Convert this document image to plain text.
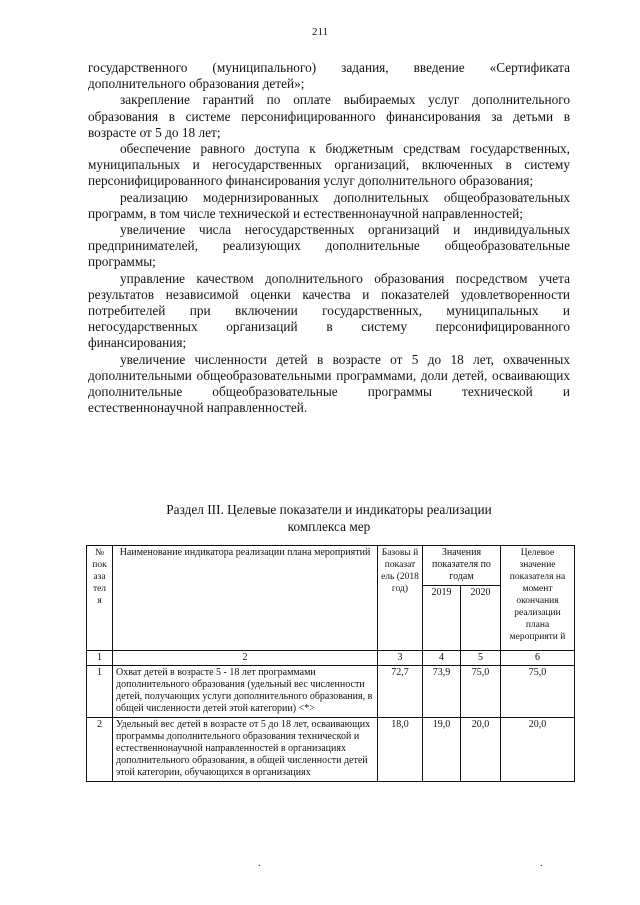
211

государственного (муниципального) задания, введение «Сертификата дополнительного образования детей»;

закрепление гарантий по оплате выбираемых услуг дополнительного образования в системе персонифицированного финансирования за детьми в возрасте от 5 до 18 лет;

обеспечение равного доступа к бюджетным средствам государственных, муниципальных и негосударственных организаций, включенных в систему персонифицированного финансирования услуг дополнительного образования;

реализацию модернизированных дополнительных общеобразовательных программ, в том числе технической и естественнонаучной направленностей;

увеличение числа негосударственных организаций и индивидуальных предпринимателей, реализующих дополнительные общеобразовательные программы;

управление качеством дополнительного образования посредством учета результатов независимой оценки качества и показателей удовлетворенности потребителей при включении государственных, муниципальных и негосударственных организаций в систему персонифицированного финансирования;

увеличение численности детей в возрасте от 5 до 18 лет, охваченных дополнительными общеобразовательными программами, доли детей, осваивающих дополнительные общеобразовательные программы технической и естественнонаучной направленностей.

Раздел III. Целевые показатели и индикаторы реализации
комплекса мер
№ пок аза тел я	Наименование индикатора реализации плана мероприятий	Базовы й показат ель (2018 год)	Значения показателя по годам		Целевое значение показателя на момент окончания реализации плана мероприяти й
			2019	2020	
1	2	3	4	5	6
1	Охват детей в возрасте 5 - 18 лет программами дополнительного образования (удельный вес численности детей, получающих услуги дополнительного образования, в общей численности детей этой категории) <*>	72,7	73,9	75,0	75,0
2	Удельный вес детей в возрасте от 5 до 18 лет, осваивающих программы дополнительного образования технической и естественнонаучной направленностей в организациях дополнительного образования, в общей численности детей этой категории, обучающихся в организациях	18,0	19,0	20,0	20,0
.	.
